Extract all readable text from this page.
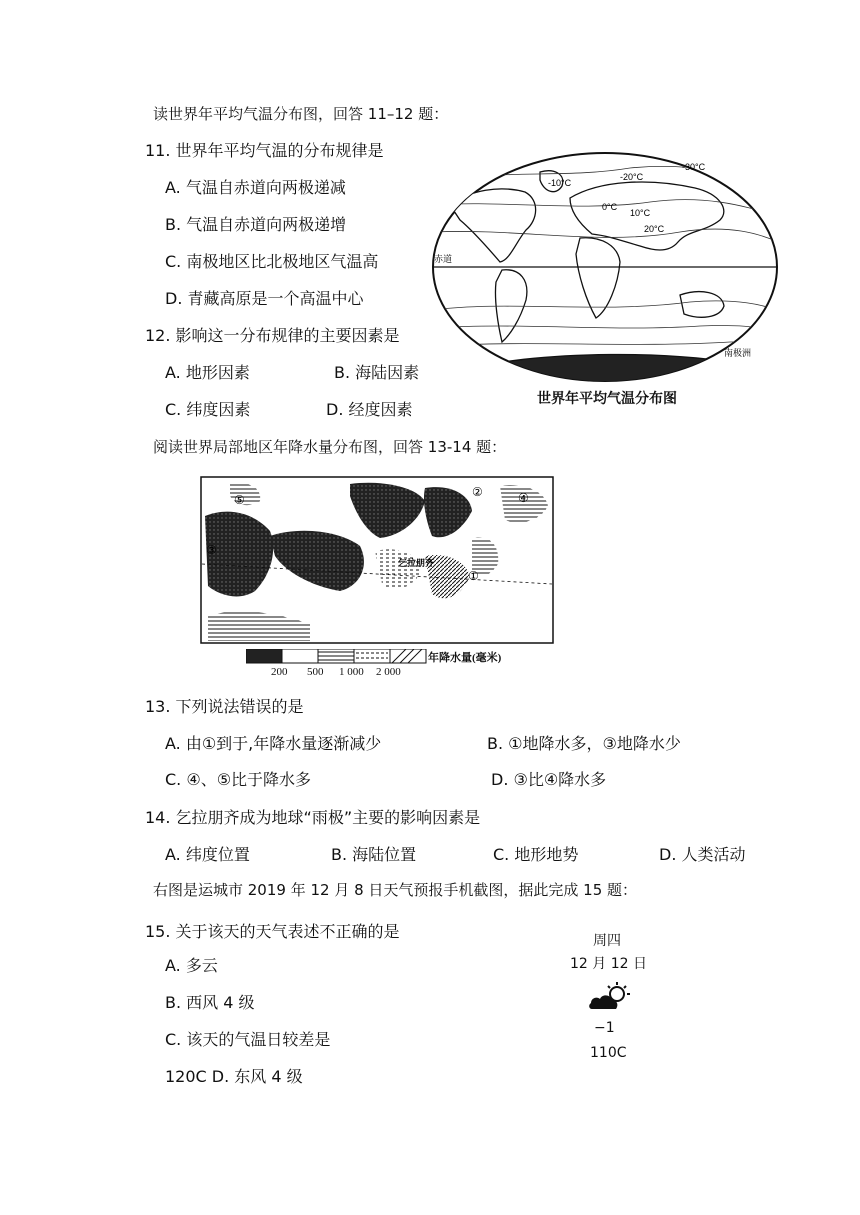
读世界年平均气温分布图，回答 11–12 题：
11. 世界年平均气温的分布规律是
A. 气温自赤道向两极递减
B. 气温自赤道向两极递增
C. 南极地区比北极地区气温高
D. 青藏高原是一个高温中心
12. 影响这一分布规律的主要因素是
A. 地形因素	B. 海陆因素
C. 纬度因素	D. 经度因素
赤道
南极洲
20°C
10°C
0°C
-10°C
-20°C
-30°C
世界年平均气温分布图
阅读世界局部地区年降水量分布图，回答 13-14 题：
②	④
⑤
③
①
乞拉朋齐
年降水量(毫米)
200 500 1 000 2 000
13. 下列说法错误的是
A. 由①到于,年降水量逐渐减少	B. ①地降水多，③地降水少
C. ④、⑤比于降水多	D. ③比④降水多
14. 乞拉朋齐成为地球“雨极”主要的影响因素是
A. 纬度位置	B. 海陆位置	C. 地形地势	D. 人类活动
右图是运城市 2019 年 12 月 8 日天气预报手机截图，据此完成 15 题：
15. 关于该天的天气表述不正确的是
A. 多云
B. 西风 4 级
C. 该天的气温日较差是
120C D. 东风 4 级
周四
12 月 12 日
−1
110C
